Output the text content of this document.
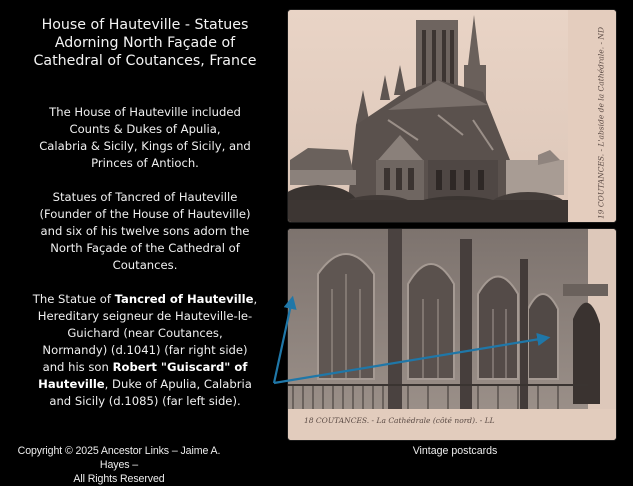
House of Hauteville - Statues
Adorning North Façade of
Cathedral of Coutances, France
The House of Hauteville included
Counts & Dukes of Apulia,
Calabria & Sicily, Kings of Sicily, and
Princes of Antioch.
Statues of Tancred of Hauteville
(Founder of the House of Hauteville)
and six of his twelve sons adorn the
North Façade of the Cathedral of
Coutances.
The Statue of Tancred of Hauteville,
Hereditary seigneur de Hauteville-le-
Guichard (near Coutances,
Normandy) (d.1041) (far right side)
and his son Robert "Guiscard" of
Hauteville, Duke of Apulia, Calabria
and Sicily (d.1085) (far left side).
19 COUTANCES. - L'abside de la Cathédrale. - ND
18 COUTANCES. - La Cathédrale (côté nord). - LL
Copyright © 2025 Ancestor Links – Jaime A. Hayes –
All Rights Reserved
Vintage postcards
